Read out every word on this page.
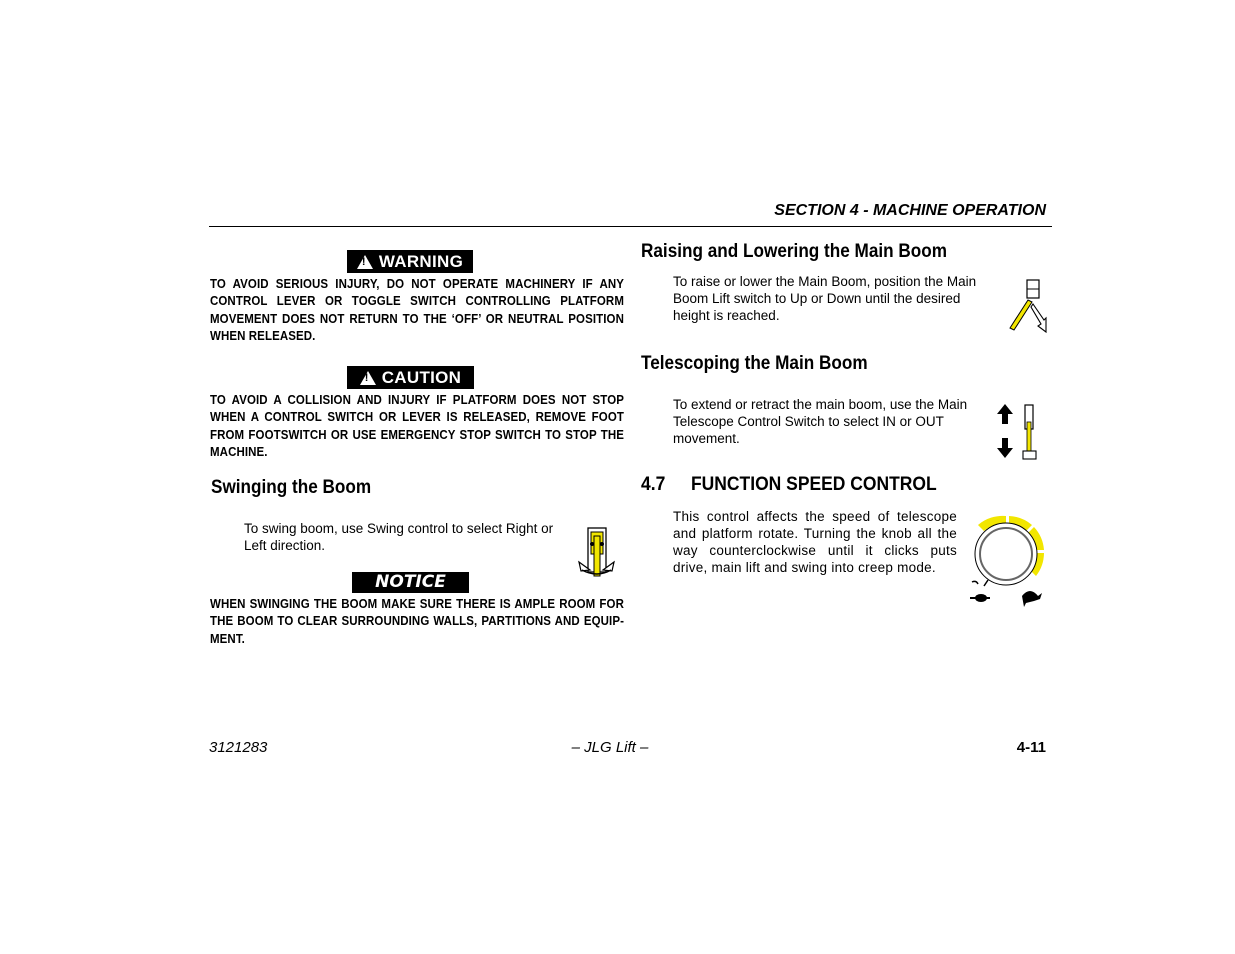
SECTION 4 - MACHINE OPERATION
!
WARNING
TO AVOID SERIOUS INJURY, DO NOT OPERATE MACHINERY IF ANY CONTROL LEVER OR TOGGLE SWITCH CONTROLLING PLATFORM MOVEMENT DOES NOT RETURN TO THE ‘OFF’ OR NEUTRAL POSITION WHEN RELEASED.
!
CAUTION
TO AVOID A COLLISION AND INJURY IF PLATFORM DOES NOT STOP WHEN A CONTROL SWITCH OR LEVER IS RELEASED, REMOVE FOOT FROM FOOTSWITCH OR USE EMERGENCY STOP SWITCH TO STOP THE MACHINE.
Swinging the Boom
To swing boom, use Swing control to select Right or Left direction.
NOTICE
WHEN SWINGING THE BOOM MAKE SURE THERE IS AMPLE ROOM FOR THE BOOM TO CLEAR SURROUNDING WALLS, PARTITIONS AND EQUIP-MENT.
Raising and Lowering the Main Boom
To raise or lower the Main Boom, position the Main Boom Lift switch to Up or Down until the desired height is reached.
Telescoping the Main Boom
To extend or retract the main boom, use the Main Telescope Control Switch to select IN or OUT movement.
4.7 FUNCTION SPEED CONTROL
This control affects the speed of telescope and platform rotate. Turning the knob all the way counterclockwise until it clicks puts drive, main lift and swing into creep mode.
3121283	– JLG Lift –	4-11
